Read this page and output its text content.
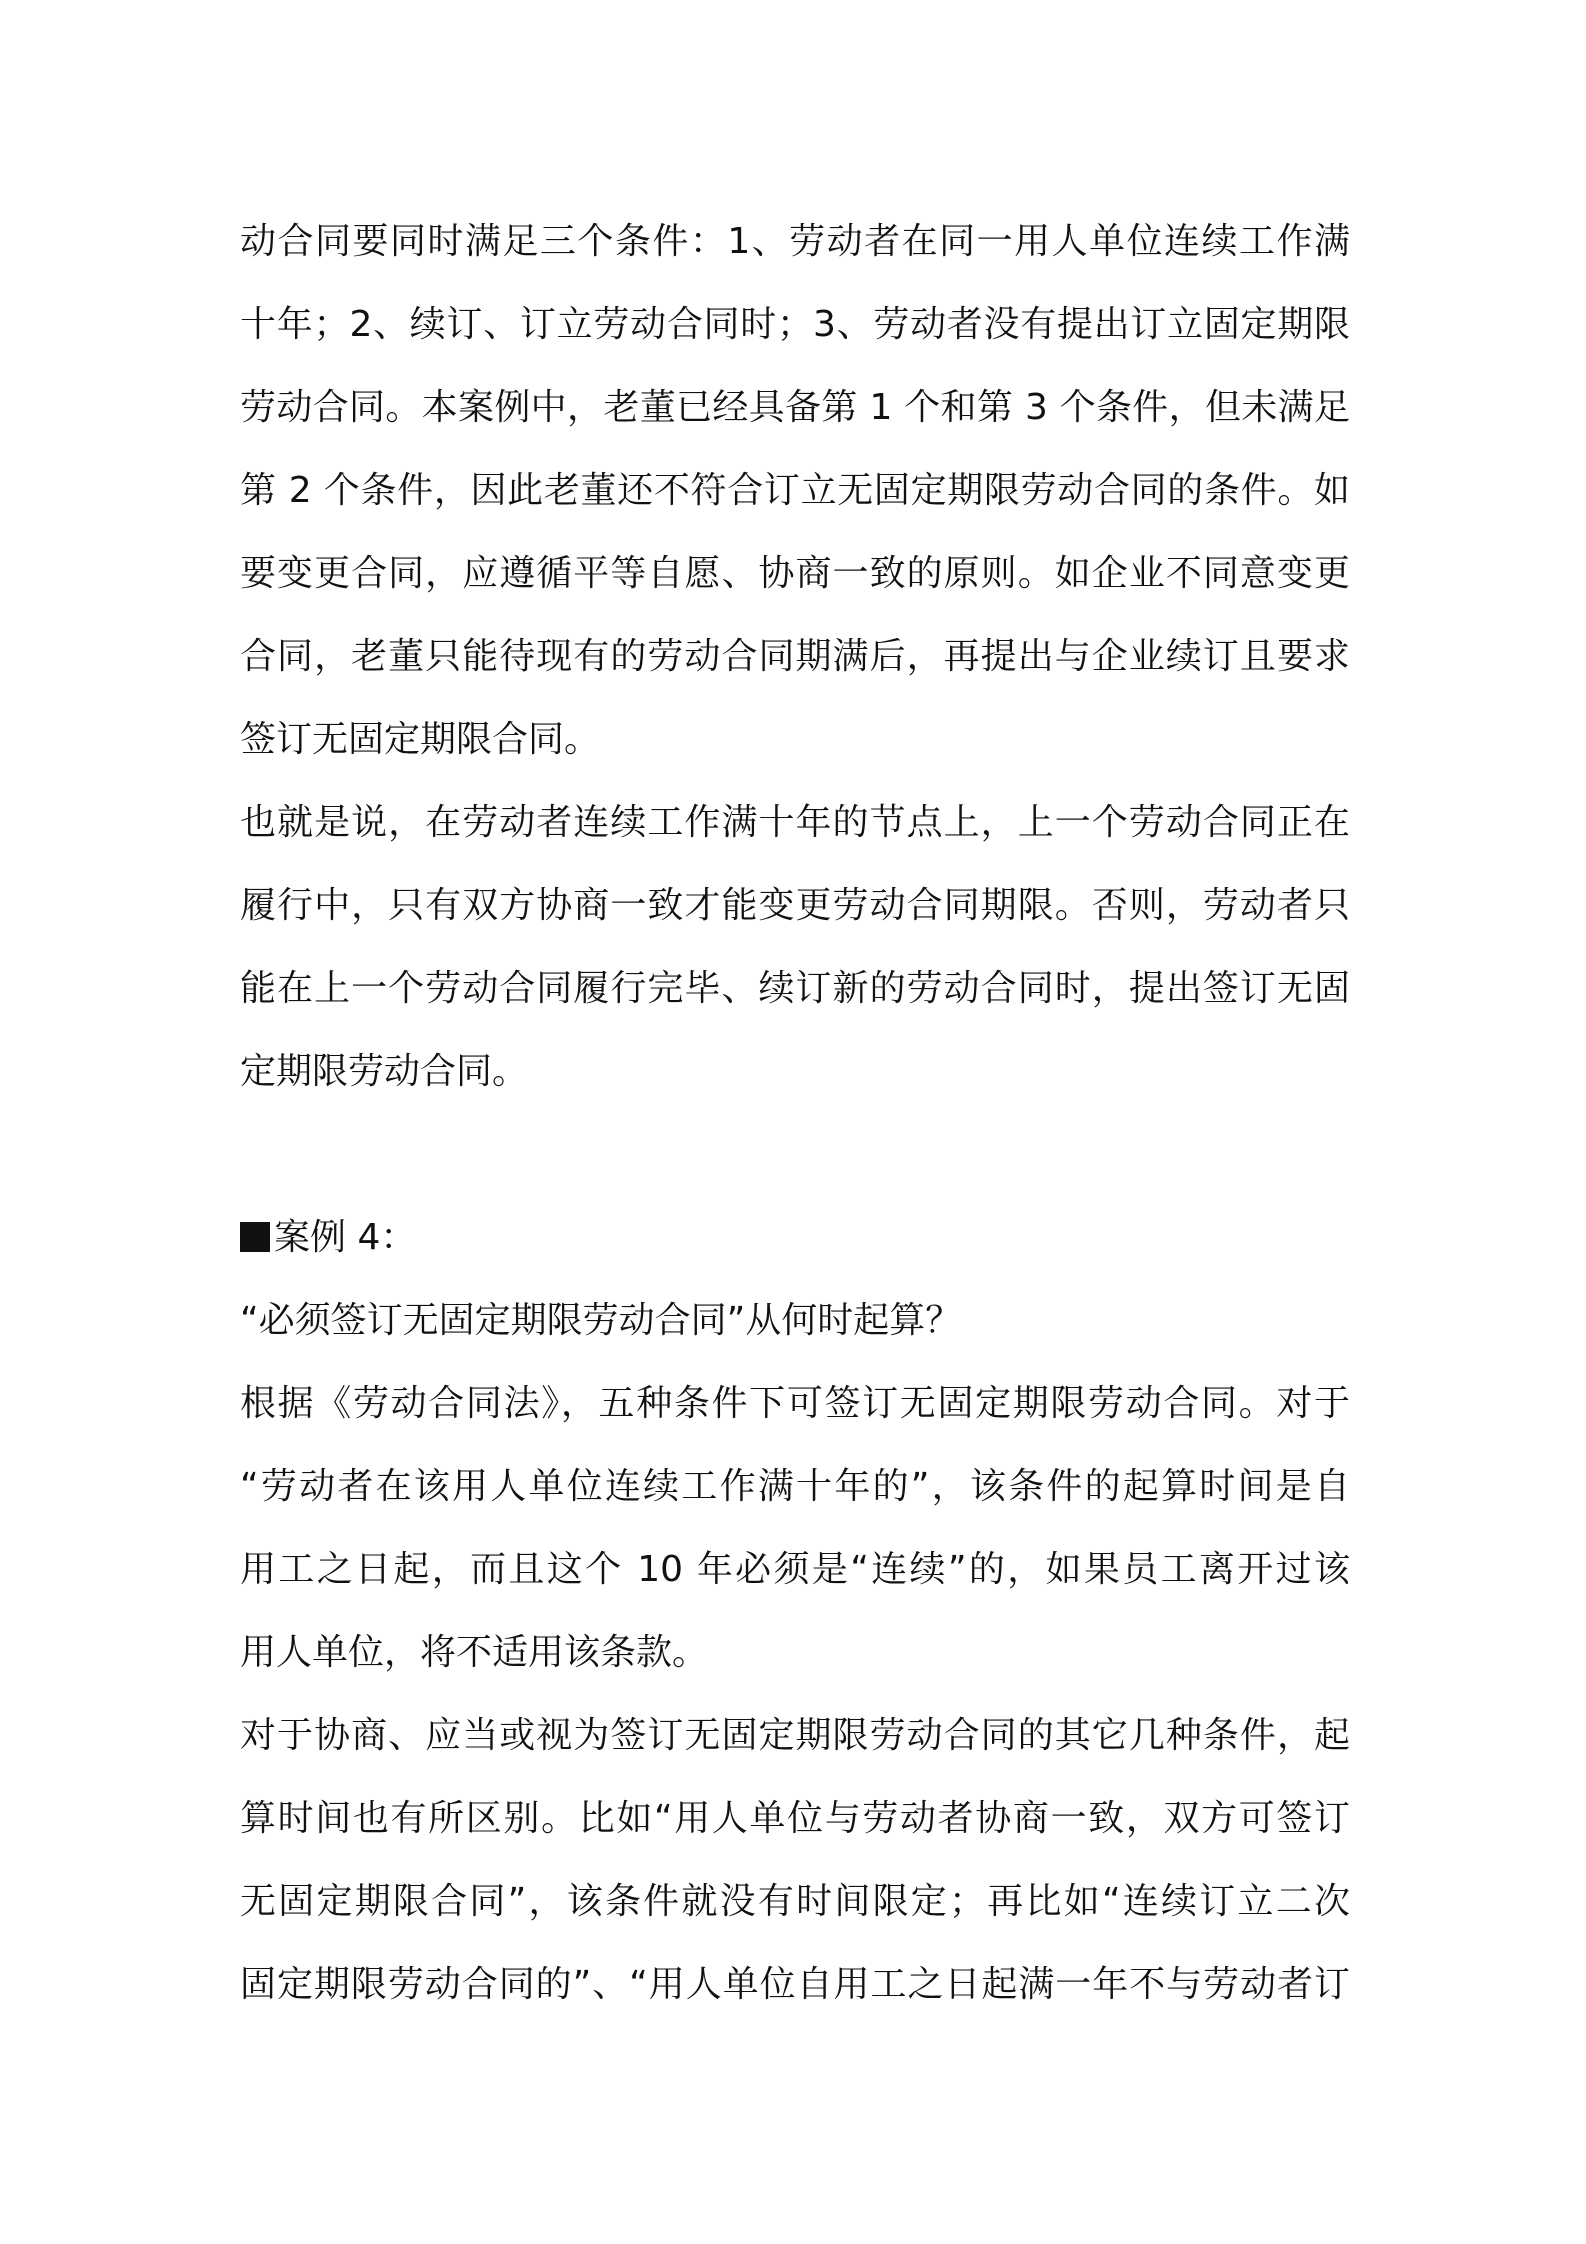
动合同要同时满足三个条件：1、劳动者在同一用人单位连续工作满
十年；2、续订、订立劳动合同时；3、劳动者没有提出订立固定期限
劳动合同。本案例中，老董已经具备第 1 个和第 3 个条件，但未满足
第 2 个条件，因此老董还不符合订立无固定期限劳动合同的条件。如
要变更合同，应遵循平等自愿、协商一致的原则。如企业不同意变更
合同，老董只能待现有的劳动合同期满后，再提出与企业续订且要求
签订无固定期限合同。
也就是说，在劳动者连续工作满十年的节点上，上一个劳动合同正在
履行中，只有双方协商一致才能变更劳动合同期限。否则，劳动者只
能在上一个劳动合同履行完毕、续订新的劳动合同时，提出签订无固
定期限劳动合同。
案例 4：
“必须签订无固定期限劳动合同”从何时起算？
根据《劳动合同法》，五种条件下可签订无固定期限劳动合同。对于
“劳动者在该用人单位连续工作满十年的”，该条件的起算时间是自
用工之日起，而且这个 10 年必须是“连续”的，如果员工离开过该
用人单位，将不适用该条款。
对于协商、应当或视为签订无固定期限劳动合同的其它几种条件，起
算时间也有所区别。比如“用人单位与劳动者协商一致，双方可签订
无固定期限合同”，该条件就没有时间限定；再比如“连续订立二次
固定期限劳动合同的”、“用人单位自用工之日起满一年不与劳动者订
